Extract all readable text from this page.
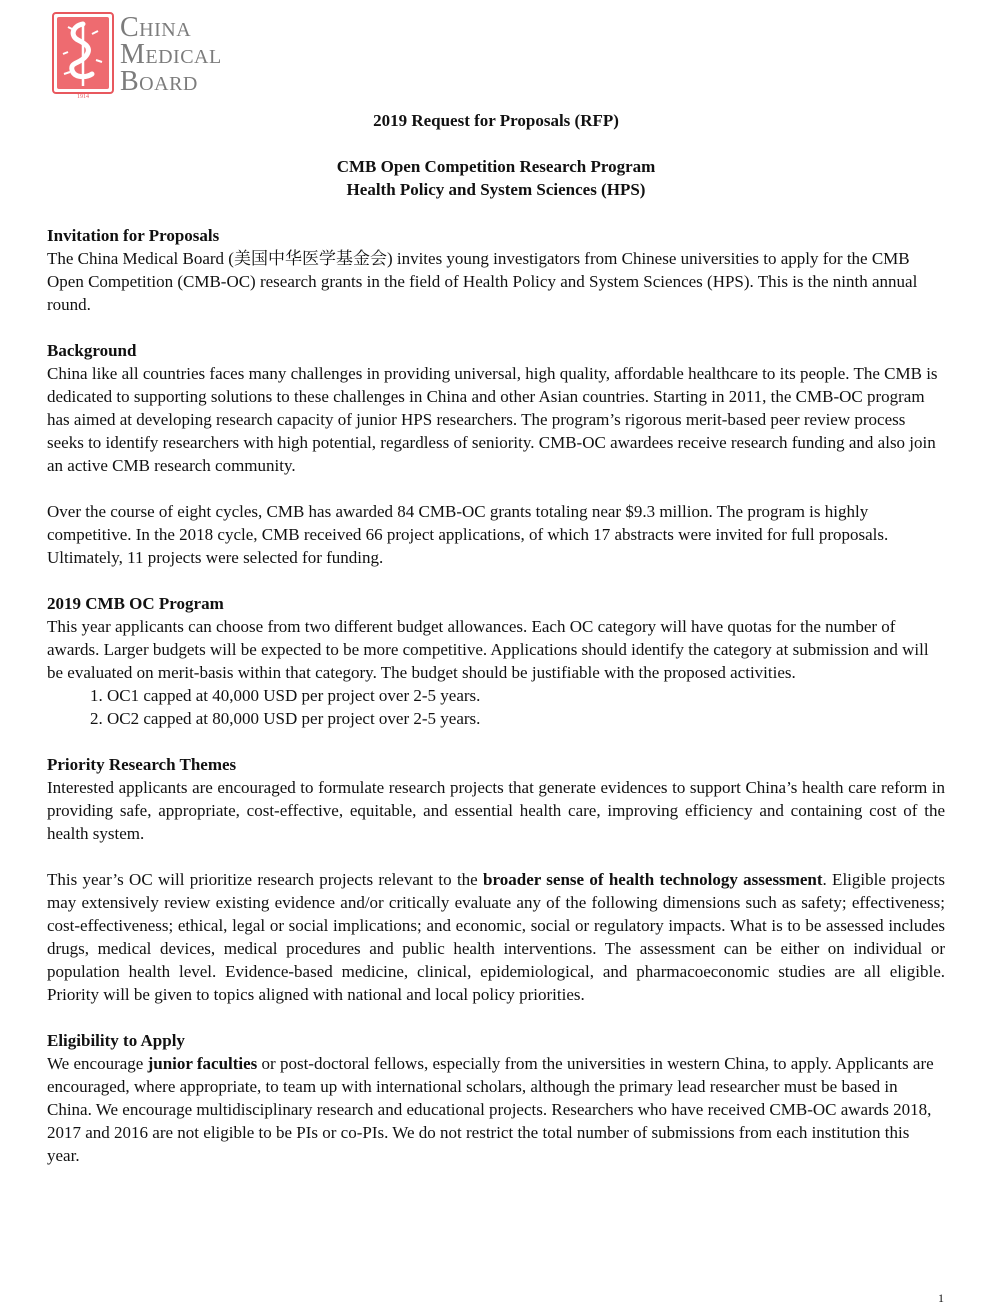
1914
China
Medical
Board
2019 Request for Proposals (RFP)
CMB Open Competition Research Program
Health Policy and System Sciences (HPS)

Invitation for Proposals

The China Medical Board (美国中华医学基金会) invites young investigators from Chinese universities to apply for the CMB Open Competition (CMB-OC) research grants in the field of Health Policy and System Sciences (HPS). This is the ninth annual round.

Background

China like all countries faces many challenges in providing universal, high quality, affordable healthcare to its people. The CMB is dedicated to supporting solutions to these challenges in China and other Asian countries. Starting in 2011, the CMB-OC program has aimed at developing research capacity of junior HPS researchers. The program’s rigorous merit-based peer review process seeks to identify researchers with high potential, regardless of seniority. CMB-OC awardees receive research funding and also join an active CMB research community.

Over the course of eight cycles, CMB has awarded 84 CMB-OC grants totaling near $9.3 million. The program is highly competitive. In the 2018 cycle, CMB received 66 project applications, of which 17 abstracts were invited for full proposals. Ultimately, 11 projects were selected for funding.

2019 CMB OC Program

This year applicants can choose from two different budget allowances. Each OC category will have quotas for the number of awards. Larger budgets will be expected to be more competitive. Applications should identify the category at submission and will be evaluated on merit-basis within that category. The budget should be justifiable with the proposed activities.

1. OC1 capped at 40,000 USD per project over 2-5 years.
2. OC2 capped at 80,000 USD per project over 2-5 years.

Priority Research Themes

Interested applicants are encouraged to formulate research projects that generate evidences to support China’s health care reform in providing safe, appropriate, cost-effective, equitable, and essential health care, improving efficiency and containing cost of the health system.

This year’s OC will prioritize research projects relevant to the broader sense of health technology assessment. Eligible projects may extensively review existing evidence and/or critically evaluate any of the following dimensions such as safety; effectiveness; cost-effectiveness; ethical, legal or social implications; and economic, social or regulatory impacts. What is to be assessed includes drugs, medical devices, medical procedures and public health interventions. The assessment can be either on individual or population health level. Evidence-based medicine, clinical, epidemiological, and pharmacoeconomic studies are all eligible. Priority will be given to topics aligned with national and local policy priorities.

Eligibility to Apply

We encourage junior faculties or post-doctoral fellows, especially from the universities in western China, to apply. Applicants are encouraged, where appropriate, to team up with international scholars, although the primary lead researcher must be based in China. We encourage multidisciplinary research and educational projects. Researchers who have received CMB-OC awards 2018, 2017 and 2016 are not eligible to be PIs or co-PIs. We do not restrict the total number of submissions from each institution this year.

1
